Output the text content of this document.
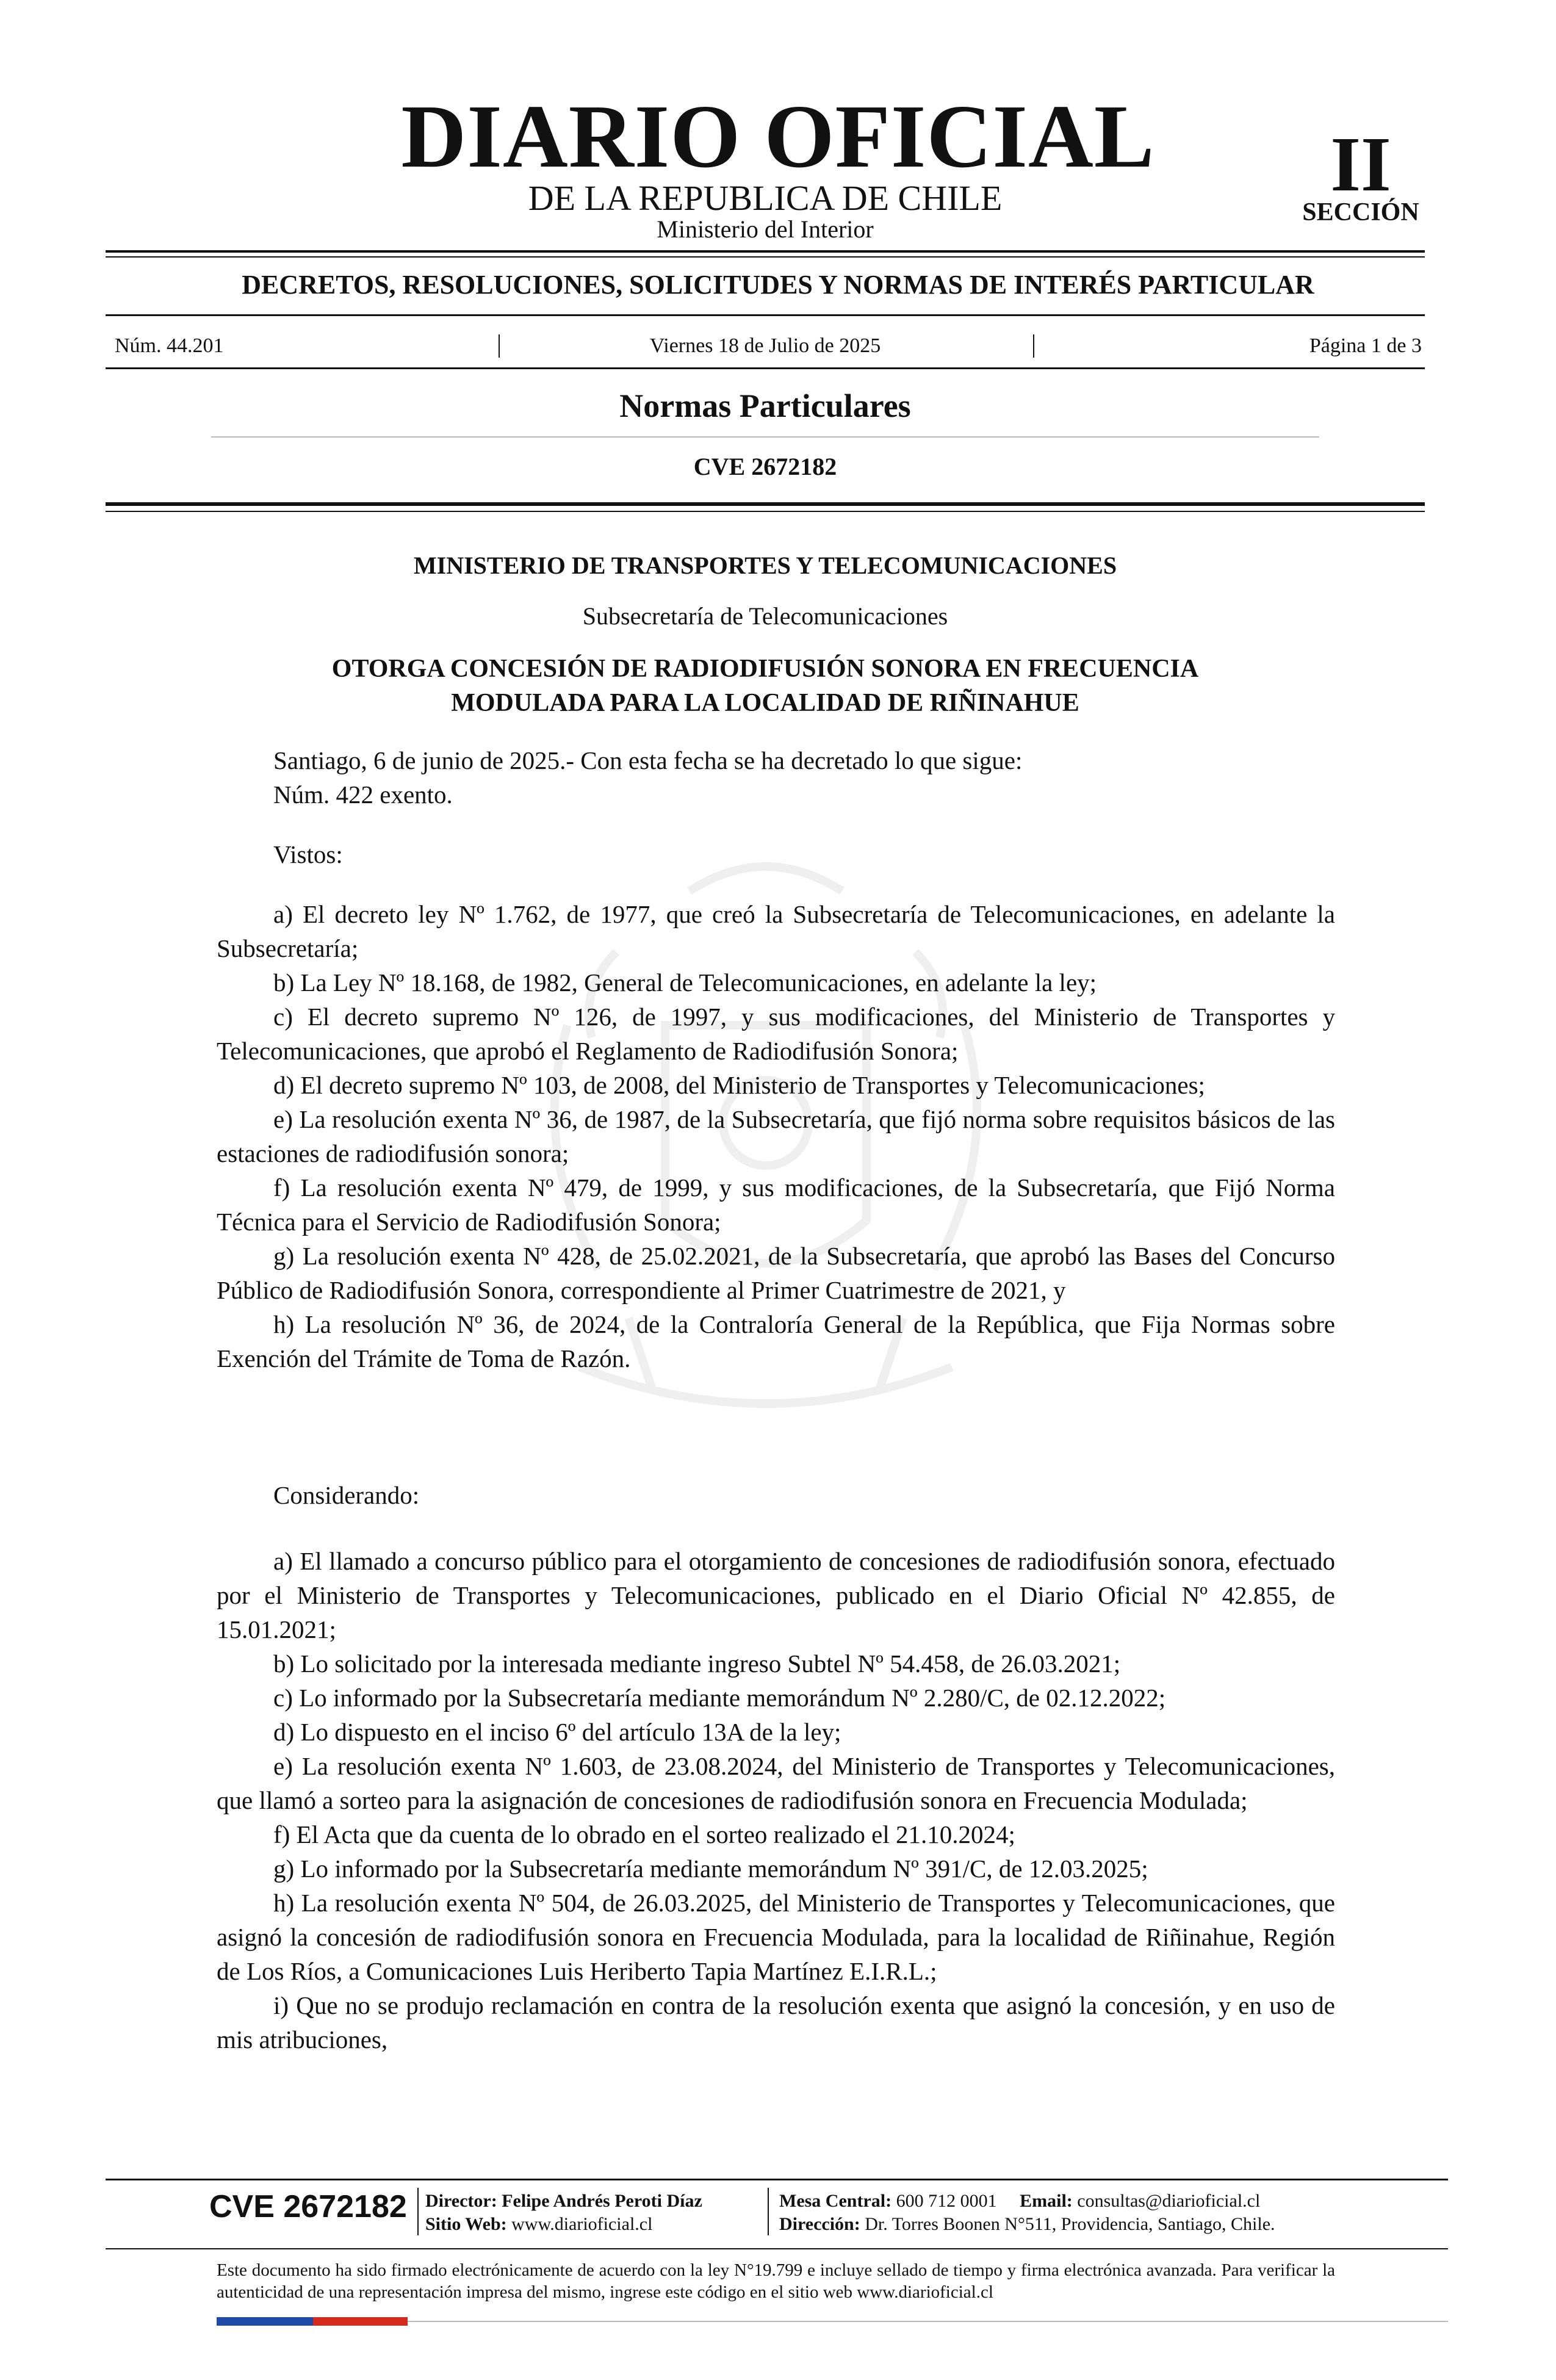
DIARIO OFICIAL
DE LA REPUBLICA DE CHILE
Ministerio del Interior
II
SECCIÓN
DECRETOS, RESOLUCIONES, SOLICITUDES Y NORMAS DE INTERÉS PARTICULAR
Núm. 44.201	Viernes 18 de Julio de 2025	Página 1 de 3
Normas Particulares
CVE 2672182
MINISTERIO DE TRANSPORTES Y TELECOMUNICACIONES
Subsecretaría de Telecomunicaciones
OTORGA CONCESIÓN DE RADIODIFUSIÓN SONORA EN FRECUENCIA
MODULADA PARA LA LOCALIDAD DE RIÑINAHUE
Santiago, 6 de junio de 2025.- Con esta fecha se ha decretado lo que sigue:
Núm. 422 exento.
Vistos:

a) El decreto ley Nº 1.762, de 1977, que creó la Subsecretaría de Telecomunicaciones, en adelante la Subsecretaría;

b) La Ley Nº 18.168, de 1982, General de Telecomunicaciones, en adelante la ley;

c) El decreto supremo Nº 126, de 1997, y sus modificaciones, del Ministerio de Transportes y Telecomunicaciones, que aprobó el Reglamento de Radiodifusión Sonora;

d) El decreto supremo Nº 103, de 2008, del Ministerio de Transportes y Telecomunicaciones;

e) La resolución exenta Nº 36, de 1987, de la Subsecretaría, que fijó norma sobre requisitos básicos de las estaciones de radiodifusión sonora;

f) La resolución exenta Nº 479, de 1999, y sus modificaciones, de la Subsecretaría, que Fijó Norma Técnica para el Servicio de Radiodifusión Sonora;

g) La resolución exenta Nº 428, de 25.02.2021, de la Subsecretaría, que aprobó las Bases del Concurso Público de Radiodifusión Sonora, correspondiente al Primer Cuatrimestre de 2021, y

h) La resolución Nº 36, de 2024, de la Contraloría General de la República, que Fija Normas sobre Exención del Trámite de Toma de Razón.

Considerando:

a) El llamado a concurso público para el otorgamiento de concesiones de radiodifusión sonora, efectuado por el Ministerio de Transportes y Telecomunicaciones, publicado en el Diario Oficial Nº 42.855, de 15.01.2021;

b) Lo solicitado por la interesada mediante ingreso Subtel Nº 54.458, de 26.03.2021;

c) Lo informado por la Subsecretaría mediante memorándum Nº 2.280/C, de 02.12.2022;

d) Lo dispuesto en el inciso 6º del artículo 13A de la ley;

e) La resolución exenta Nº 1.603, de 23.08.2024, del Ministerio de Transportes y Telecomunicaciones, que llamó a sorteo para la asignación de concesiones de radiodifusión sonora en Frecuencia Modulada;

f) El Acta que da cuenta de lo obrado en el sorteo realizado el 21.10.2024;

g) Lo informado por la Subsecretaría mediante memorándum Nº 391/C, de 12.03.2025;

h) La resolución exenta Nº 504, de 26.03.2025, del Ministerio de Transportes y Telecomunicaciones, que asignó la concesión de radiodifusión sonora en Frecuencia Modulada, para la localidad de Riñinahue, Región de Los Ríos, a Comunicaciones Luis Heriberto Tapia Martínez E.I.R.L.;

i) Que no se produjo reclamación en contra de la resolución exenta que asignó la concesión, y en uso de mis atribuciones,

CVE 2672182 Director: Felipe Andrés Peroti Díaz
Sitio Web: www.diarioficial.cl
Mesa Central: 600 712 0001 Email: consultas@diarioficial.cl
Dirección: Dr. Torres Boonen N°511, Providencia, Santiago, Chile.
Este documento ha sido firmado electrónicamente de acuerdo con la ley N°19.799 e incluye sellado de tiempo y firma electrónica avanzada. Para verificar la autenticidad de una representación impresa del mismo, ingrese este código en el sitio web www.diarioficial.cl
